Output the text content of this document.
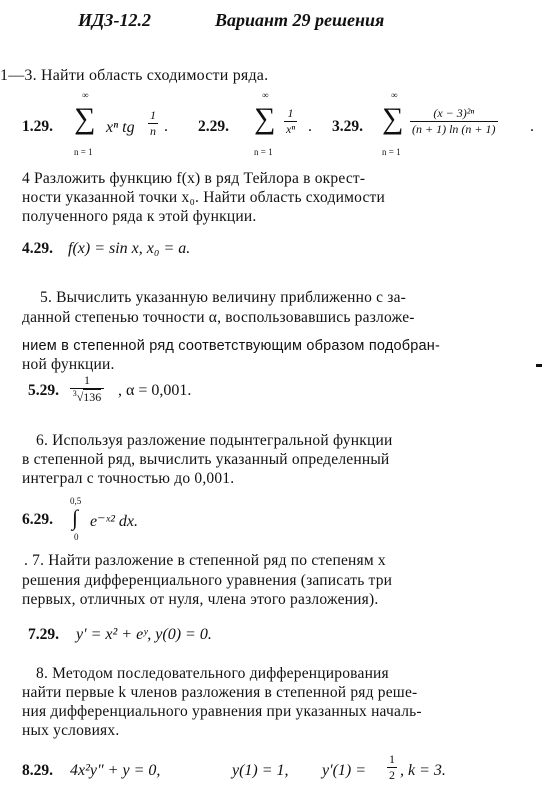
ИДЗ-12.2	Вариант 29 решения
1—3. Найти область сходимости ряда.
1.29.
∞
∑
n = 1
xⁿ tg $\frac{1}{n}$ . 2.29.
∞
∑
n = 1
$\frac{1}{\text{xⁿ}}$ . 3.29.
∞
∑
n = 1
$\frac{\text{(x − 3)²ⁿ}}{(n + 1) \ln (n + 1)}$ .
4 Разложить функцию f(x) в ряд Тейлора в окрест-
ности указанной точки x₀. Найти область сходимости
полученного ряда к этой функции.
4.29. f(x) = sin x, x₀ = a.
5. Вычислить указанную величину приближенно с за-
данной степенью точности α, воспользовавшись разложе-
нием в степенной ряд соответствующим образом подобран-
ной функции.
5.29. $\frac{1}{^3√136}$ , α = 0,001.
6. Используя разложение подынтегральной функции
в степенной ряд, вычислить указанный определенный
интеграл с точностью до 0,001.
6.29.
0,5
∫
0
e⁻ˣ² dx.
. 7. Найти разложение в степенной ряд по степеням x
решения дифференциального уравнения (записать три
первых, отличных от нуля, члена этого разложения).
7.29. y′ = x² + eʸ, y(0) = 0.
8. Методом последовательного дифференцирования
найти первые k членов разложения в степенной ряд реше-
ния дифференциального уравнения при указанных началь-
ных условиях.
8.29. 4x²y″ + y = 0,	y(1) = 1, $y'(1) = \frac{1}{2}$ , k = 3.
